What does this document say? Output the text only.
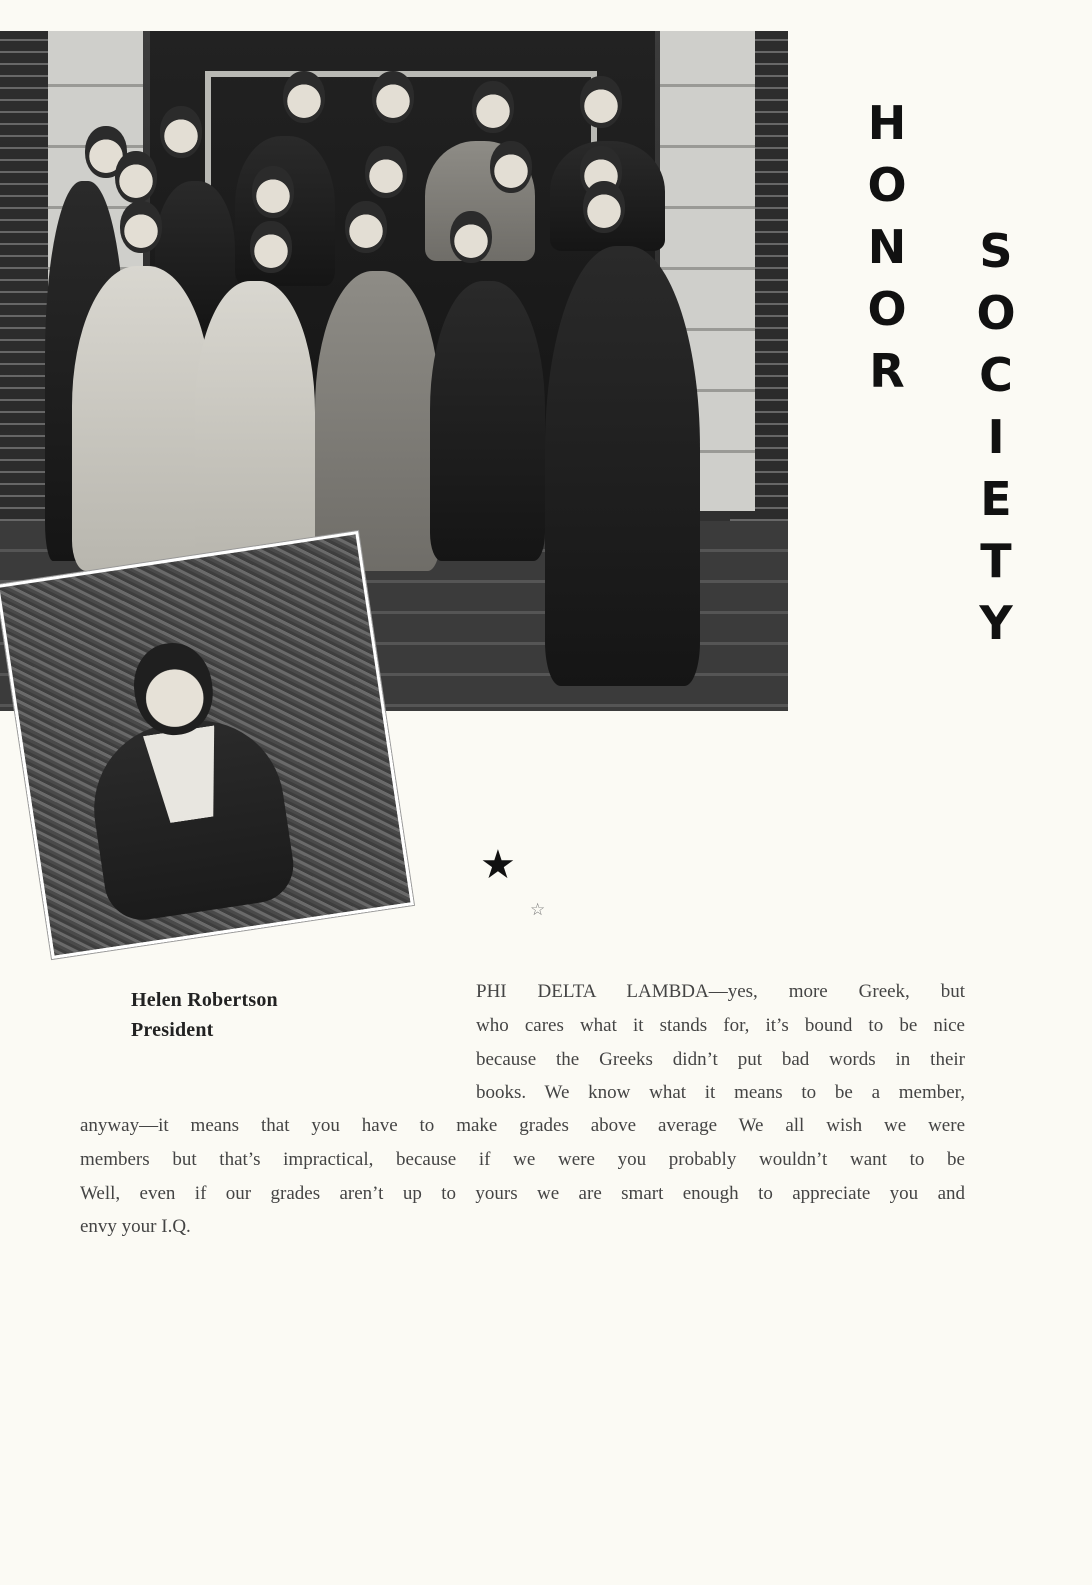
H
O
N
O
R
S
O
C
I
E
T
Y
★
☆
Helen Robertson
President
PHI DELTA LAMBDA—yes, more Greek, but
who cares what it stands for, it’s bound to be nice
because the Greeks didn’t put bad words in their
books. We know what it means to be a member,
anyway—it means that you have to make grades above average We all wish we were
members but that’s impractical, because if we were you probably wouldn’t want to be
Well, even if our grades aren’t up to yours we are smart enough to appreciate you and
envy your I.Q.
